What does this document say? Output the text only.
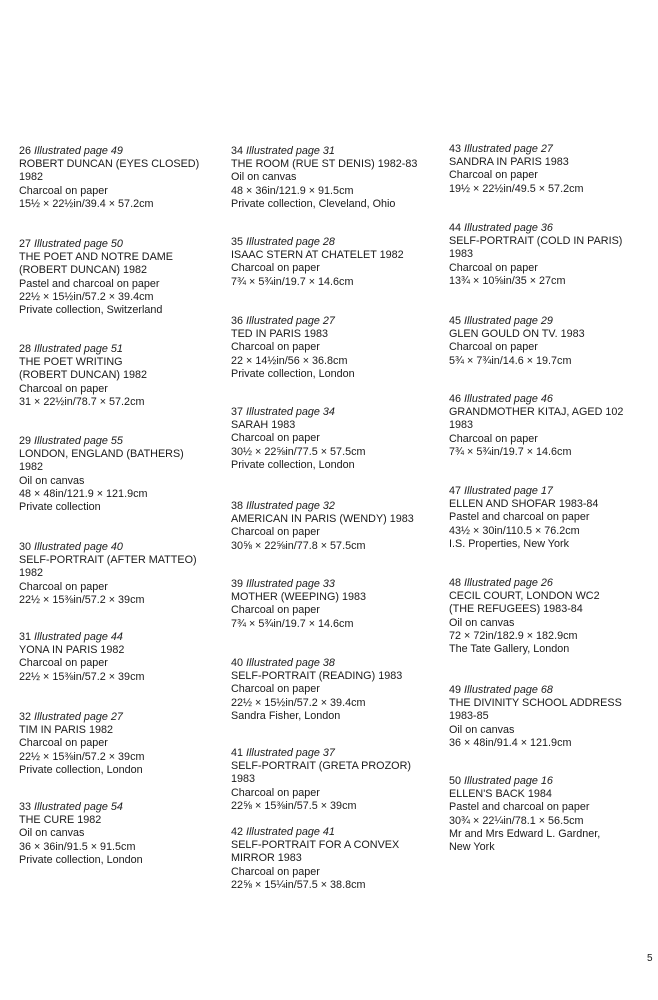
26 Illustrated page 49
ROBERT DUNCAN (EYES CLOSED)
1982
Charcoal on paper
15½ × 22½in/39.4 × 57.2cm
27 Illustrated page 50
THE POET AND NOTRE DAME
(ROBERT DUNCAN) 1982
Pastel and charcoal on paper
22½ × 15½in/57.2 × 39.4cm
Private collection, Switzerland
28 Illustrated page 51
THE POET WRITING
(ROBERT DUNCAN) 1982
Charcoal on paper
31 × 22½in/78.7 × 57.2cm
29 Illustrated page 55
LONDON, ENGLAND (BATHERS)
1982
Oil on canvas
48 × 48in/121.9 × 121.9cm
Private collection
30 Illustrated page 40
SELF-PORTRAIT (AFTER MATTEO)
1982
Charcoal on paper
22½ × 15⅜in/57.2 × 39cm
31 Illustrated page 44
YONA IN PARIS 1982
Charcoal on paper
22½ × 15⅜in/57.2 × 39cm
32 Illustrated page 27
TIM IN PARIS 1982
Charcoal on paper
22½ × 15⅜in/57.2 × 39cm
Private collection, London
33 Illustrated page 54
THE CURE 1982
Oil on canvas
36 × 36in/91.5 × 91.5cm
Private collection, London
34 Illustrated page 31
THE ROOM (RUE ST DENIS) 1982-83
Oil on canvas
48 × 36in/121.9 × 91.5cm
Private collection, Cleveland, Ohio
35 Illustrated page 28
ISAAC STERN AT CHATELET 1982
Charcoal on paper
7¾ × 5¾in/19.7 × 14.6cm
36 Illustrated page 27
TED IN PARIS 1983
Charcoal on paper
22 × 14½in/56 × 36.8cm
Private collection, London
37 Illustrated page 34
SARAH 1983
Charcoal on paper
30½ × 22⅝in/77.5 × 57.5cm
Private collection, London
38 Illustrated page 32
AMERICAN IN PARIS (WENDY) 1983
Charcoal on paper
30⅝ × 22⅝in/77.8 × 57.5cm
39 Illustrated page 33
MOTHER (WEEPING) 1983
Charcoal on paper
7¾ × 5¾in/19.7 × 14.6cm
40 Illustrated page 38
SELF-PORTRAIT (READING) 1983
Charcoal on paper
22½ × 15½in/57.2 × 39.4cm
Sandra Fisher, London
41 Illustrated page 37
SELF-PORTRAIT (GRETA PROZOR)
1983
Charcoal on paper
22⅝ × 15⅜in/57.5 × 39cm
42 Illustrated page 41
SELF-PORTRAIT FOR A CONVEX
MIRROR 1983
Charcoal on paper
22⅝ × 15¼in/57.5 × 38.8cm
43 Illustrated page 27
SANDRA IN PARIS 1983
Charcoal on paper
19½ × 22½in/49.5 × 57.2cm
44 Illustrated page 36
SELF-PORTRAIT (COLD IN PARIS)
1983
Charcoal on paper
13¾ × 10⅝in/35 × 27cm
45 Illustrated page 29
GLEN GOULD ON TV. 1983
Charcoal on paper
5¾ × 7¾in/14.6 × 19.7cm
46 Illustrated page 46
GRANDMOTHER KITAJ, AGED 102
1983
Charcoal on paper
7¾ × 5¾in/19.7 × 14.6cm
47 Illustrated page 17
ELLEN AND SHOFAR 1983-84
Pastel and charcoal on paper
43½ × 30in/110.5 × 76.2cm
I.S. Properties, New York
48 Illustrated page 26
CECIL COURT, LONDON WC2
(THE REFUGEES) 1983-84
Oil on canvas
72 × 72in/182.9 × 182.9cm
The Tate Gallery, London
49 Illustrated page 68
THE DIVINITY SCHOOL ADDRESS
1983-85
Oil on canvas
36 × 48in/91.4 × 121.9cm
50 Illustrated page 16
ELLEN'S BACK 1984
Pastel and charcoal on paper
30¾ × 22¼in/78.1 × 56.5cm
Mr and Mrs Edward L. Gardner,
New York
5
